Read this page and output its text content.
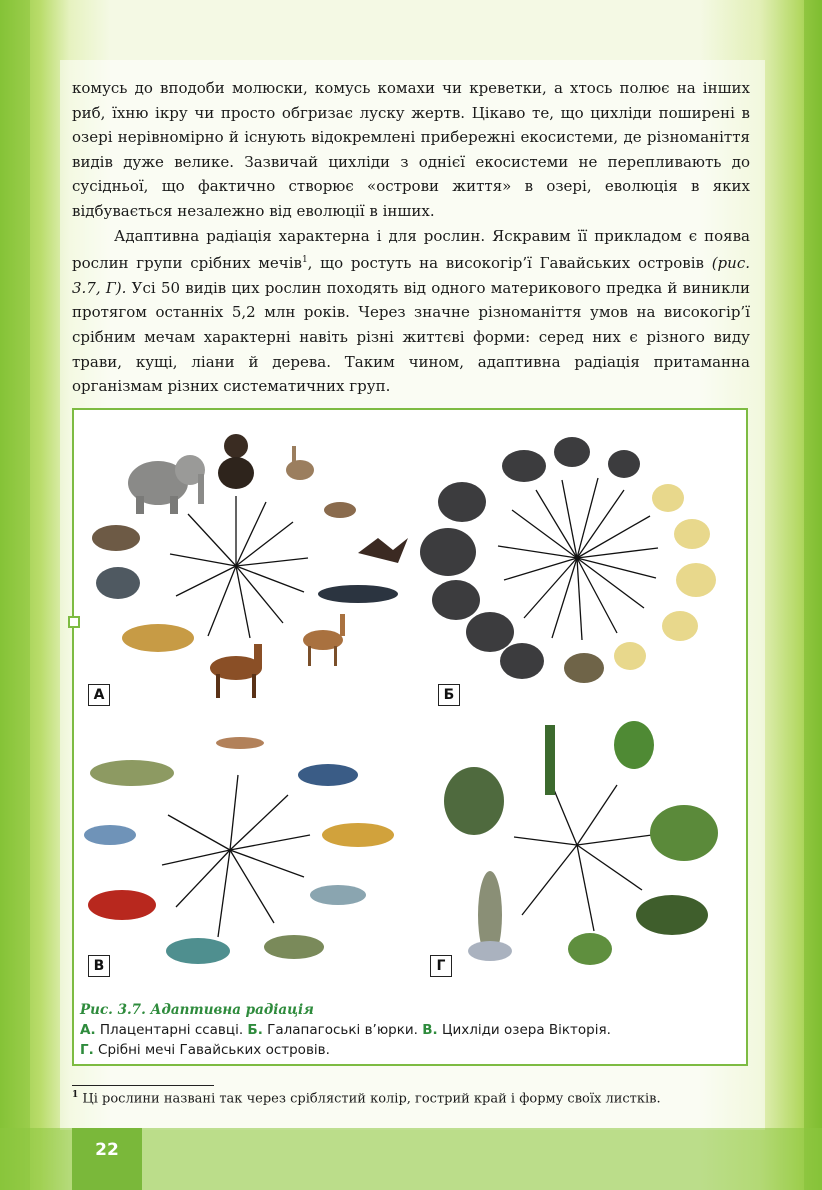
комусь до вподоби молюски, комусь комахи чи креветки, а хтось полює на інших риб, їхню ікру чи просто обгризає луску жертв. Цікаво те, що цихліди поширені в озері нерівномірно й існують відокремлені прибережні екосистеми, де різноманіття видів дуже велике. Зазвичай цихліди з однієї екосистеми не перепливають до сусідньої, що фактично створює «острови життя» в озері, еволюція в яких відбувається незалежно від еволюції в інших.

Адаптивна радіація характерна і для рослин. Яскравим її прикладом є поява рослин групи срібних мечів$^1$, що ростуть на високогір’ї Гавайських островів (рис. 3.7, Г). Усі 50 видів цих рослин походять від одного материкового предка й виникли протягом останніх 5,2 млн років. Через значне різноманіття умов на високогір’ї срібним мечам характерні навіть різні життєві форми: серед них є різного виду трави, кущі, ліани й дерева. Таким чином, адаптивна радіація притаманна організмам різних систематичних груп.

А	Б
В	Г
Рис. 3.7. Адаптивна радіація
А. Плацентарні ссавці. Б. Галапагоські в’юрки. В. Цихліди озера Вікторія.
Г. Срібні мечі Гавайських островів.
$^1$ Ці рослини названі так через сріблястий колір, гострий край і форму своїх листків.
22
